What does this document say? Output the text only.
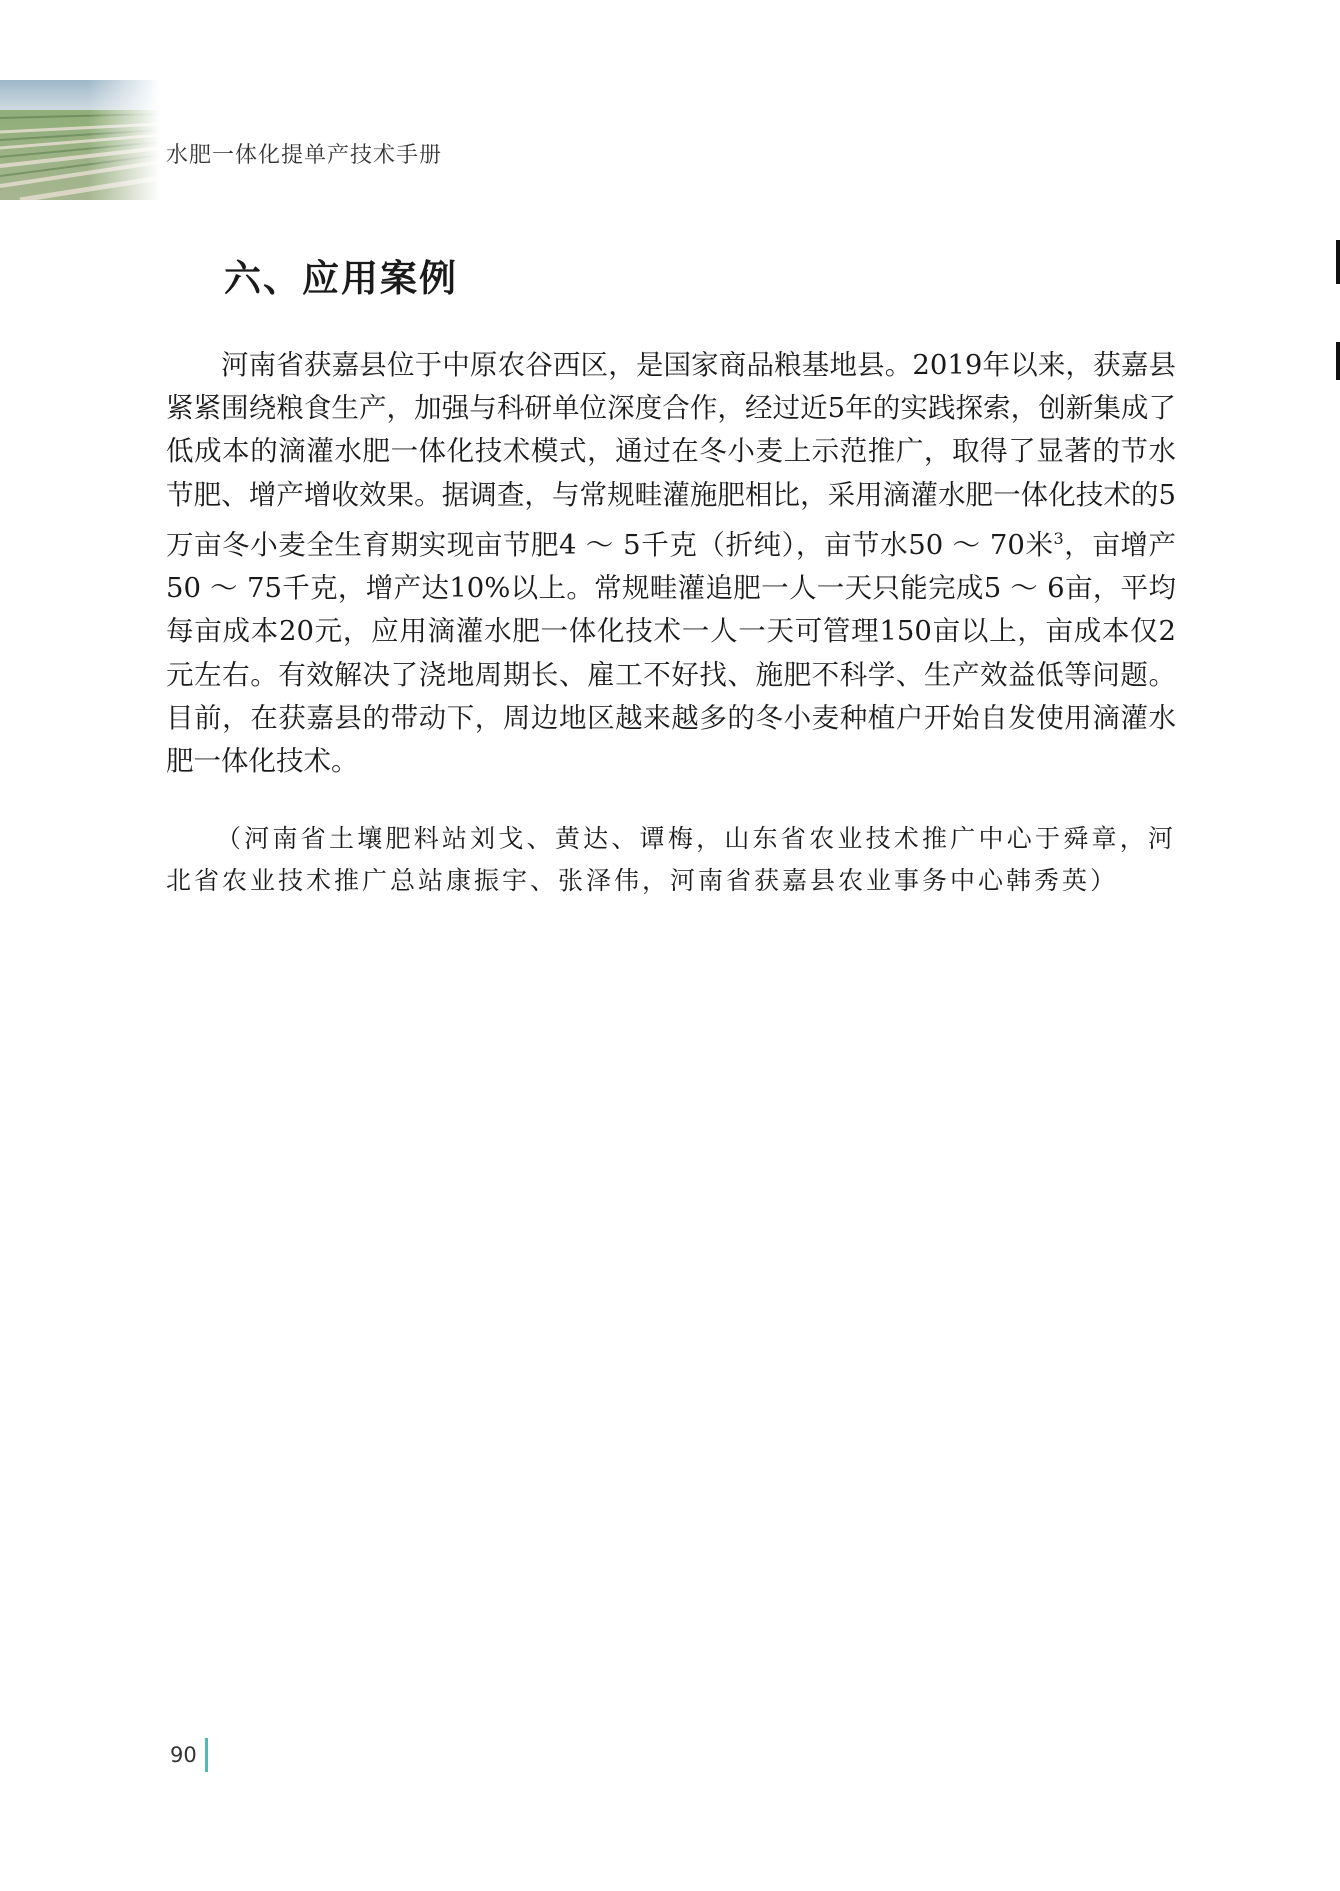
水肥一体化提单产技术手册
六、应用案例

河南省获嘉县位于中原农谷西区，是国家商品粮基地县。2019年以来，获嘉县紧紧围绕粮食生产，加强与科研单位深度合作，经过近5年的实践探索，创新集成了低成本的滴灌水肥一体化技术模式，通过在冬小麦上示范推广，取得了显著的节水节肥、增产增收效果。据调查，与常规畦灌施肥相比，采用滴灌水肥一体化技术的5万亩冬小麦全生育期实现亩节肥4 ～ 5千克（折纯），亩节水50 ～ 70米$^3$，亩增产50 ～ 75千克，增产达10%以上。常规畦灌追肥一人一天只能完成5 ～ 6亩，平均每亩成本20元，应用滴灌水肥一体化技术一人一天可管理150亩以上，亩成本仅2元左右。有效解决了浇地周期长、雇工不好找、施肥不科学、生产效益低等问题。目前，在获嘉县的带动下，周边地区越来越多的冬小麦种植户开始自发使用滴灌水肥一体化技术。

（河南省土壤肥料站刘戈、黄达、谭梅，山东省农业技术推广中心于舜章，河北省农业技术推广总站康振宇、张泽伟，河南省获嘉县农业事务中心韩秀英）

90
